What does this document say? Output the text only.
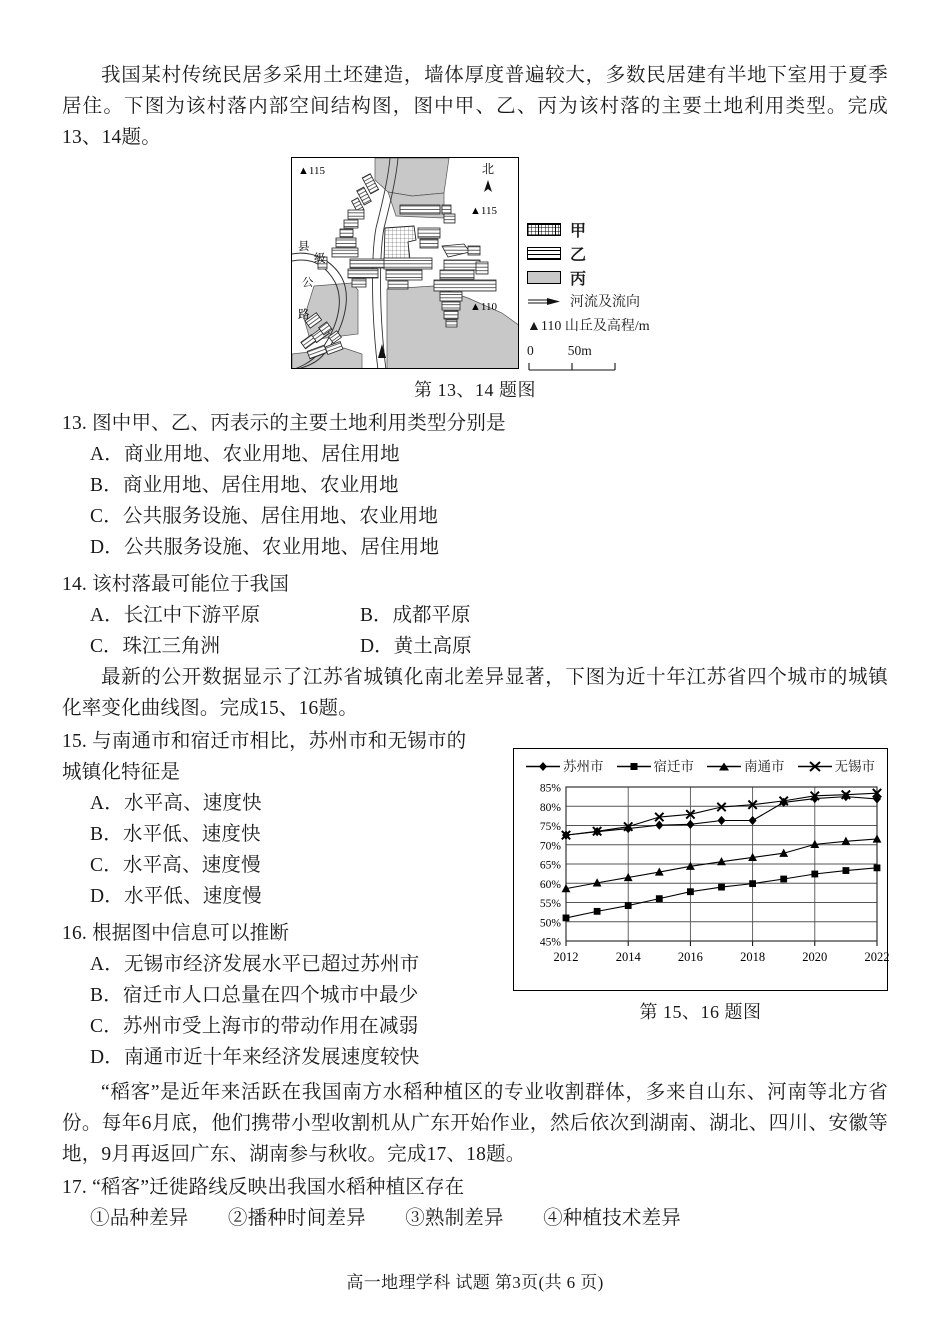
我国某村传统民居多采用土坯建造，墙体厚度普遍较大，多数民居建有半地下室用于夏季居住。下图为该村落内部空间结构图，图中甲、乙、丙为该村落的主要土地利用类型。完成13、14题。

▲115
▲115
▲110
北
县
级
公
路
甲
乙
丙
河流及流向
▲110 山丘及高程/m
0	50m
第 13、14 题图

13. 图中甲、乙、丙表示的主要土地利用类型分别是

A．商业用地、农业用地、居住用地

B．商业用地、居住用地、农业用地

C．公共服务设施、居住用地、农业用地

D．公共服务设施、农业用地、居住用地

14. 该村落最可能位于我国

A．长江中下游平原	B．成都平原
C．珠江三角洲	D．黄土高原

最新的公开数据显示了江苏省城镇化南北差异显著，下图为近十年江苏省四个城市的城镇化率变化曲线图。完成15、16题。

15. 与南通市和宿迁市相比，苏州市和无锡市的城镇化特征是

A．水平高、速度快

B．水平低、速度快

C．水平高、速度慢

D．水平低、速度慢

16. 根据图中信息可以推断

A．无锡市经济发展水平已超过苏州市

B．宿迁市人口总量在四个城市中最少

C．苏州市受上海市的带动作用在减弱

D．南通市近十年来经济发展速度较快

苏州市	宿迁市	南通市	无锡市
45%
50%
55%
60%
65%
70%
75%
80%
85%
2012	2014	2016	2018	2020	2022
第 15、16 题图

“稻客”是近年来活跃在我国南方水稻种植区的专业收割群体，多来自山东、河南等北方省份。每年6月底，他们携带小型收割机从广东开始作业，然后依次到湖南、湖北、四川、安徽等地，9月再返回广东、湖南参与秋收。完成17、18题。

17. “稻客”迁徙路线反映出我国水稻种植区存在

①品种差异　　②播种时间差异　　③熟制差异　　④种植技术差异

高一地理学科 试题 第3页(共 6 页)
